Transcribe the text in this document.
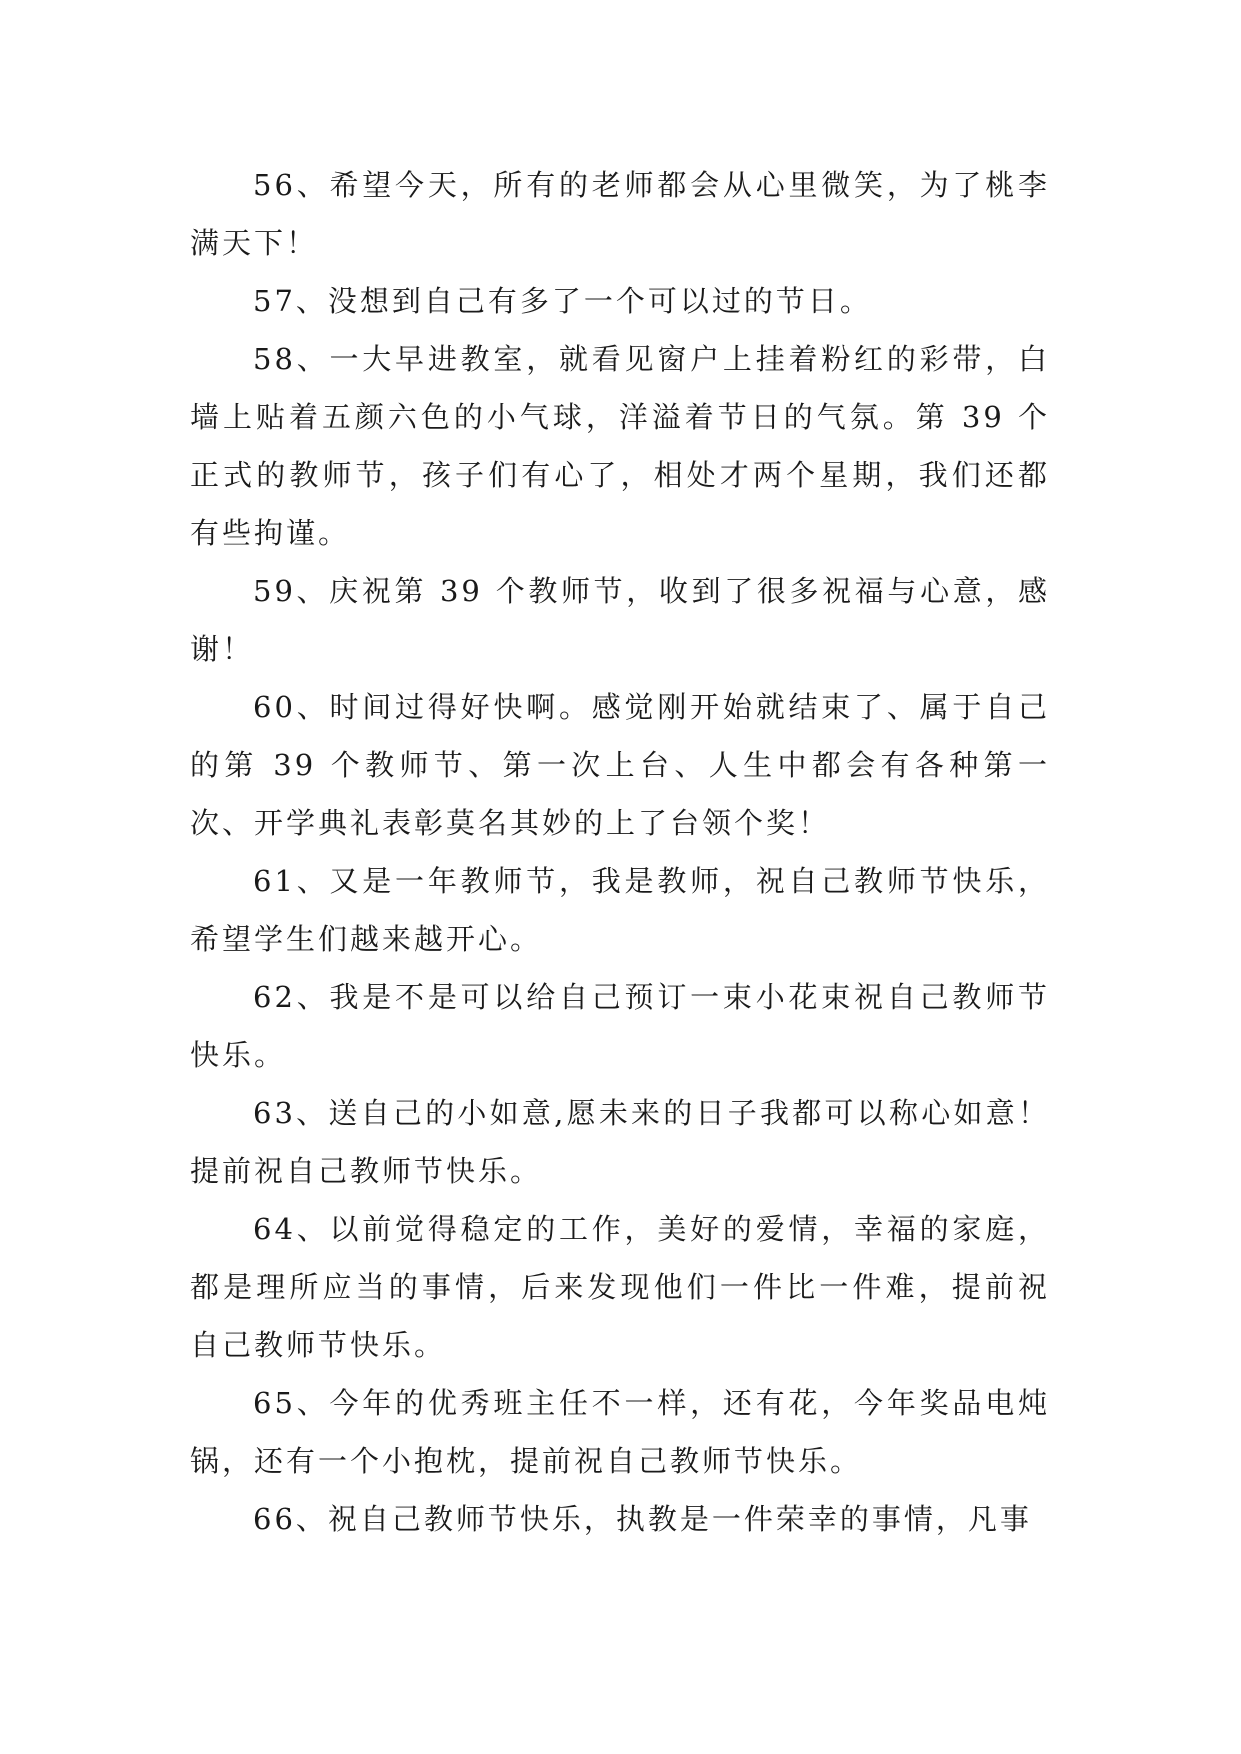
56、希望今天，所有的老师都会从心里微笑，为了桃李满天下！

57、没想到自己有多了一个可以过的节日。

58、一大早进教室，就看见窗户上挂着粉红的彩带，白墙上贴着五颜六色的小气球，洋溢着节日的气氛。第 39 个正式的教师节，孩子们有心了，相处才两个星期，我们还都有些拘谨。

59、庆祝第 39 个教师节，收到了很多祝福与心意，感谢！

60、时间过得好快啊。感觉刚开始就结束了、属于自己的第 39 个教师节、第一次上台、人生中都会有各种第一次、开学典礼表彰莫名其妙的上了台领个奖！

61、又是一年教师节，我是教师，祝自己教师节快乐，希望学生们越来越开心。

62、我是不是可以给自己预订一束小花束祝自己教师节快乐。

63、送自己的小如意,愿未来的日子我都可以称心如意！提前祝自己教师节快乐。

64、以前觉得稳定的工作，美好的爱情，幸福的家庭，都是理所应当的事情，后来发现他们一件比一件难，提前祝自己教师节快乐。

65、今年的优秀班主任不一样，还有花，今年奖品电炖锅，还有一个小抱枕，提前祝自己教师节快乐。

66、祝自己教师节快乐，执教是一件荣幸的事情，凡事
